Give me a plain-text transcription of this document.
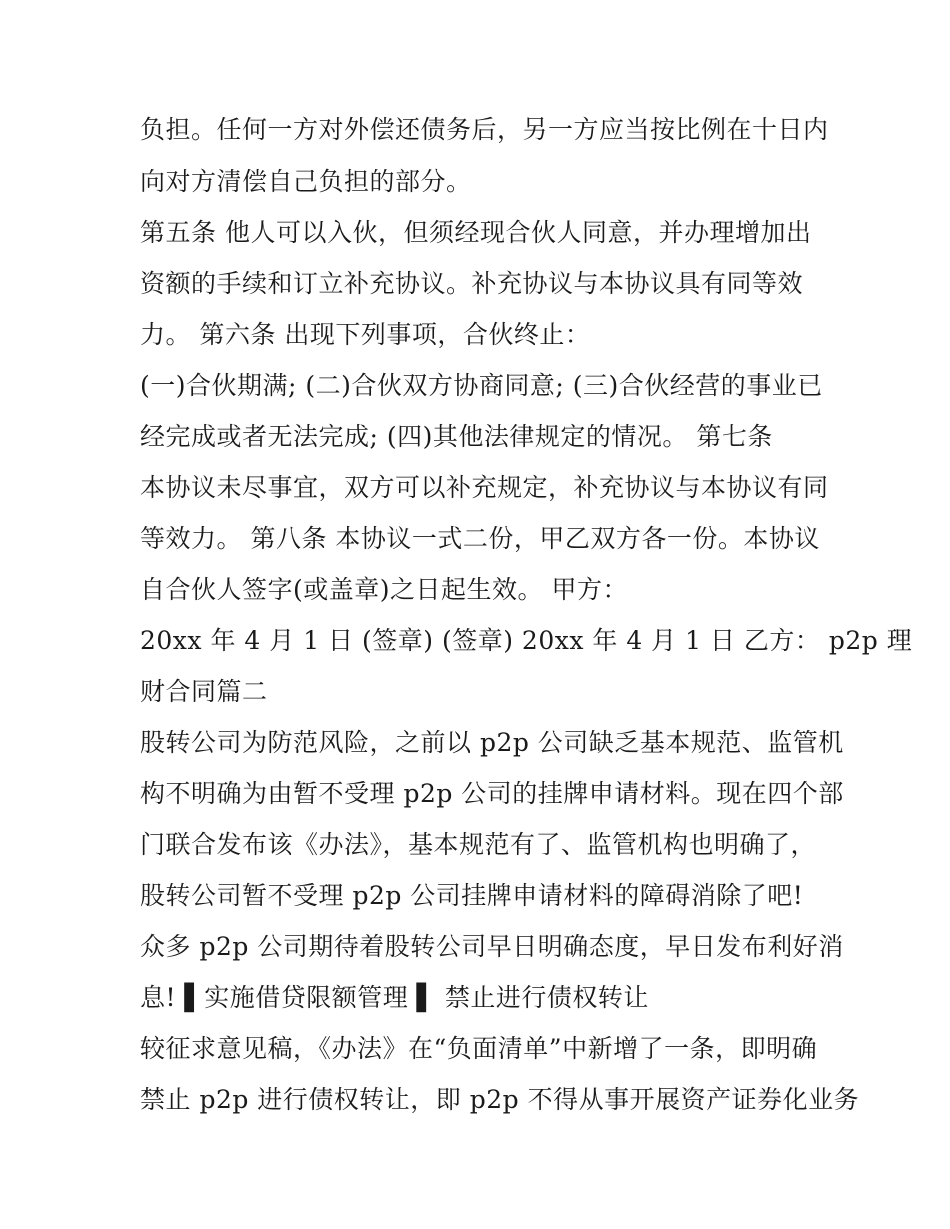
负担。任何一方对外偿还债务后，另一方应当按比例在十日内
向对方清偿自己负担的部分。
第五条 他人可以入伙，但须经现合伙人同意，并办理增加出
资额的手续和订立补充协议。补充协议与本协议具有同等效
力。 第六条 出现下列事项，合伙终止：
(一)合伙期满; (二)合伙双方协商同意; (三)合伙经营的事业已
经完成或者无法完成; (四)其他法律规定的情况。 第七条
本协议未尽事宜，双方可以补充规定，补充协议与本协议有同
等效力。 第八条 本协议一式二份，甲乙双方各一份。本协议
自合伙人签字(或盖章)之日起生效。 甲方：
20xx 年 4 月 1 日 (签章) (签章) 20xx 年 4 月 1 日 乙方： p2p 理
财合同篇二
股转公司为防范风险，之前以 p2p 公司缺乏基本规范、监管机
构不明确为由暂不受理 p2p 公司的挂牌申请材料。现在四个部
门联合发布该《办法》，基本规范有了、监管机构也明确了，
股转公司暂不受理 p2p 公司挂牌申请材料的障碍消除了吧!
众多 p2p 公司期待着股转公司早日明确态度，早日发布利好消
息! ▌实施借贷限额管理 ▌ 禁止进行债权转让
较征求意见稿，《办法》在“负面清单”中新增了一条，即明确
禁止 p2p 进行债权转让，即 p2p 不得从事开展资产证券化业务
